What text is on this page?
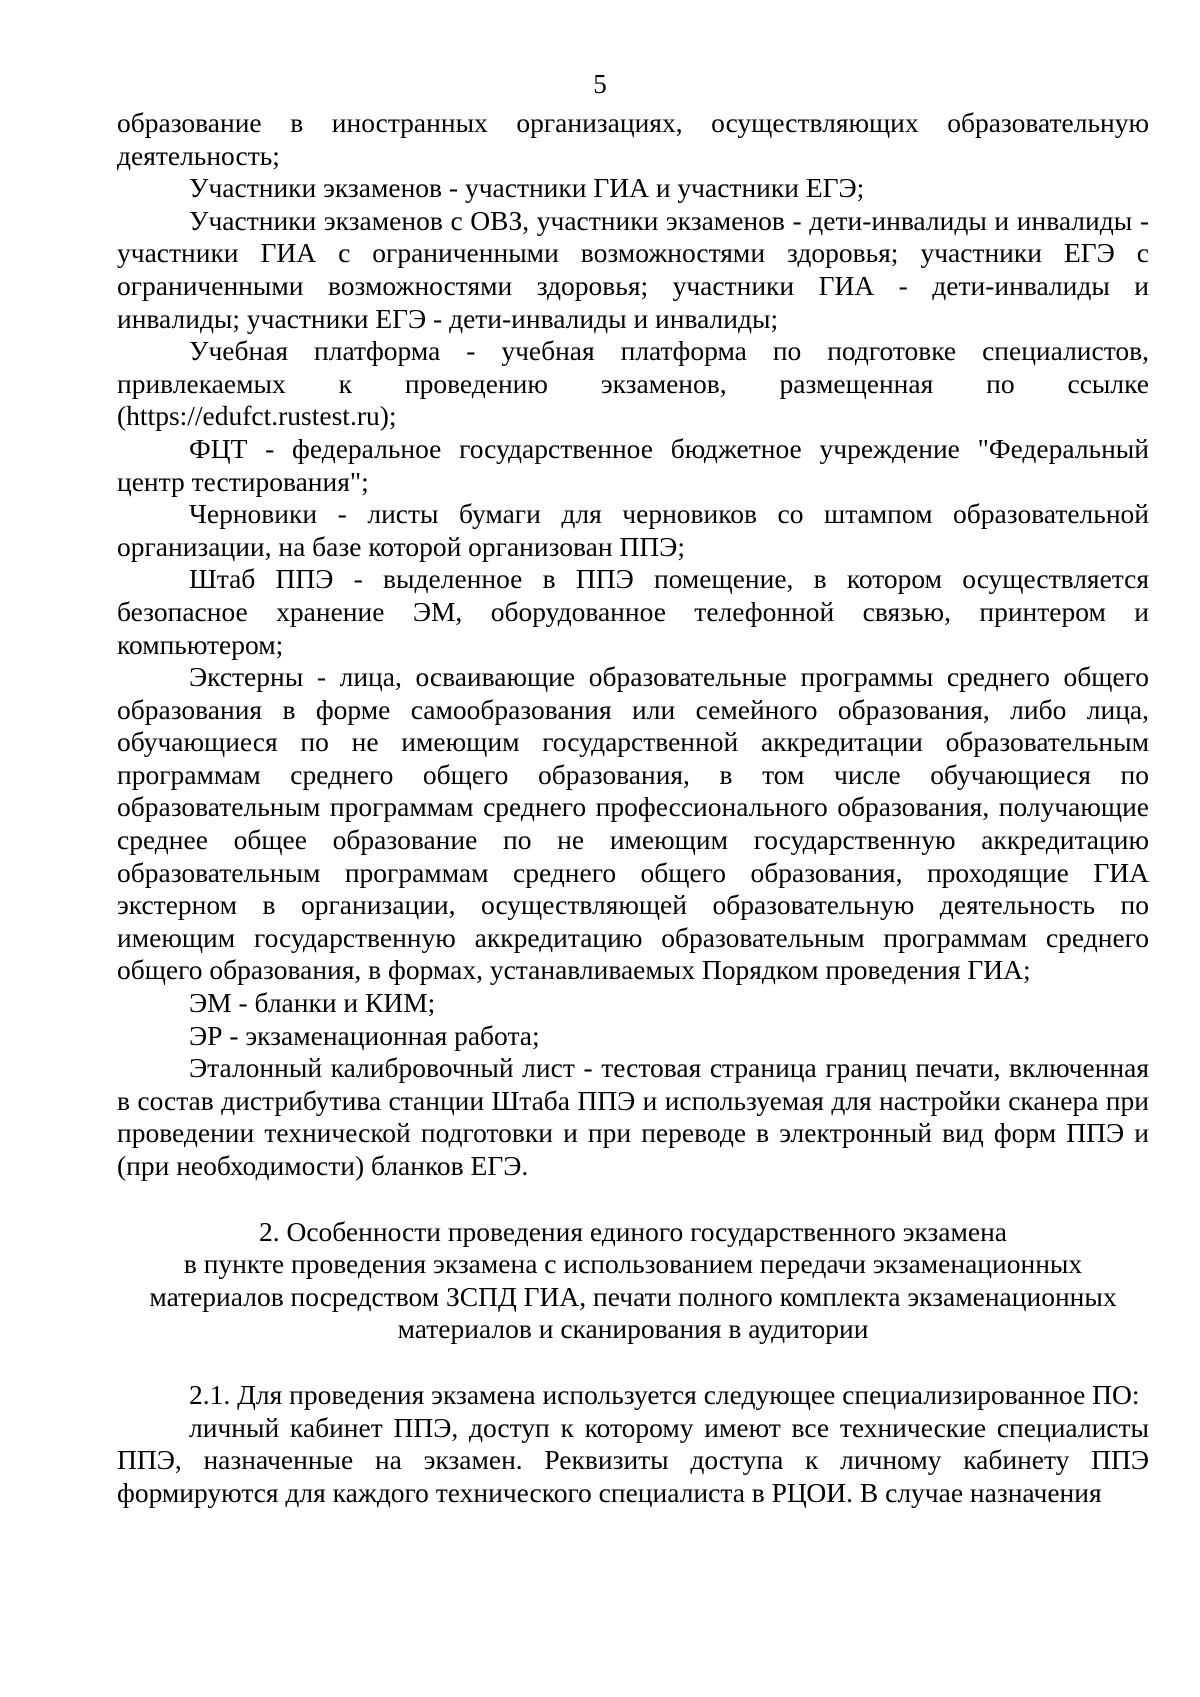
5

образование в иностранных организациях, осуществляющих образовательную деятельность;

Участники экзаменов - участники ГИА и участники ЕГЭ;

Участники экзаменов с ОВЗ, участники экзаменов - дети-инвалиды и инвалиды - участники ГИА с ограниченными возможностями здоровья; участники ЕГЭ с ограниченными возможностями здоровья; участники ГИА - дети-инвалиды и инвалиды; участники ЕГЭ - дети-инвалиды и инвалиды;

Учебная платформа - учебная платформа по подготовке специалистов, привлекаемых к проведению экзаменов, размещенная по ссылке (https://edufct.rustest.ru);

ФЦТ - федеральное государственное бюджетное учреждение "Федеральный центр тестирования";

Черновики - листы бумаги для черновиков со штампом образовательной организации, на базе которой организован ППЭ;

Штаб ППЭ - выделенное в ППЭ помещение, в котором осуществляется безопасное хранение ЭМ, оборудованное телефонной связью, принтером и компьютером;

Экстерны - лица, осваивающие образовательные программы среднего общего образования в форме самообразования или семейного образования, либо лица, обучающиеся по не имеющим государственной аккредитации образовательным программам среднего общего образования, в том числе обучающиеся по образовательным программам среднего профессионального образования, получающие среднее общее образование по не имеющим государственную аккредитацию образовательным программам среднего общего образования, проходящие ГИА экстерном в организации, осуществляющей образовательную деятельность по имеющим государственную аккредитацию образовательным программам среднего общего образования, в формах, устанавливаемых Порядком проведения ГИА;

ЭМ - бланки и КИМ;

ЭР - экзаменационная работа;

Эталонный калибровочный лист - тестовая страница границ печати, включенная в состав дистрибутива станции Штаба ППЭ и используемая для настройки сканера при проведении технической подготовки и при переводе в электронный вид форм ППЭ и (при необходимости) бланков ЕГЭ.

2. Особенности проведения единого государственного экзамена
в пункте проведения экзамена с использованием передачи экзаменационных
материалов посредством ЗСПД ГИА, печати полного комплекта экзаменационных
материалов и сканирования в аудитории

2.1. Для проведения экзамена используется следующее специализированное ПО:

личный кабинет ППЭ, доступ к которому имеют все технические специалисты ППЭ, назначенные на экзамен. Реквизиты доступа к личному кабинету ППЭ формируются для каждого технического специалиста в РЦОИ. В случае назначения
